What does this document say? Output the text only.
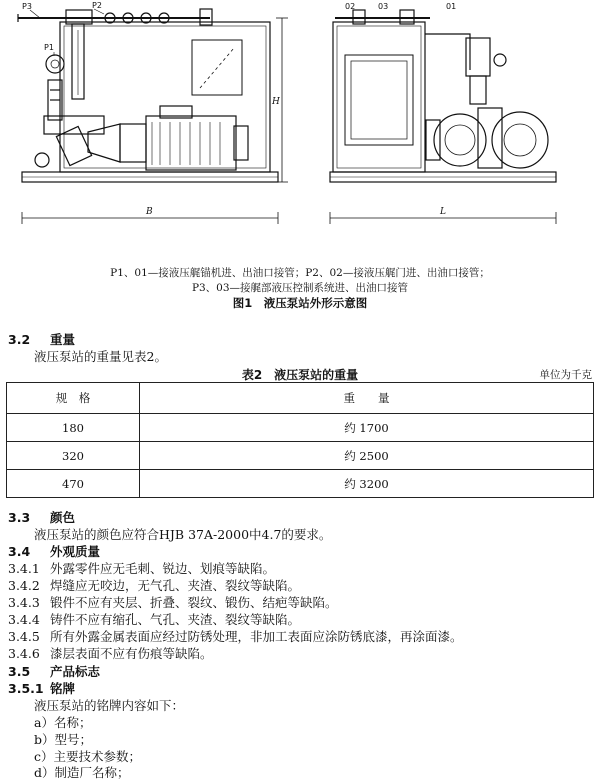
P3	P2
P1
02	03	01
H
B	L
P1、01—接液压艉锚机进、出油口接管；P2、02—接液压艉门进、出油口接管；
P3、03—接艉部液压控制系统进、出油口接管
图1　液压泵站外形示意图
3.2 重量
液压泵站的重量见表2。
表2　液压泵站的重量	单位为千克
规　格	重　　量
180	约 1700
320	约 2500
470	约 3200
3.3 颜色
液压泵站的颜色应符合HJB 37A-2000中4.7的要求。
3.4 外观质量
3.4.1 外露零件应无毛刺、锐边、划痕等缺陷。
3.4.2 焊缝应无咬边，无气孔、夹渣、裂纹等缺陷。
3.4.3 锻件不应有夹层、折叠、裂纹、锻伤、结疤等缺陷。
3.4.4 铸件不应有缩孔、气孔、夹渣、裂纹等缺陷。
3.4.5 所有外露金属表面应经过防锈处理，非加工表面应涂防锈底漆，再涂面漆。
3.4.6 漆层表面不应有伤痕等缺陷。
3.5 产品标志
3.5.1 铭牌
液压泵站的铭牌内容如下：
a）名称；
b）型号；
c）主要技术参数；
d）制造厂名称；
